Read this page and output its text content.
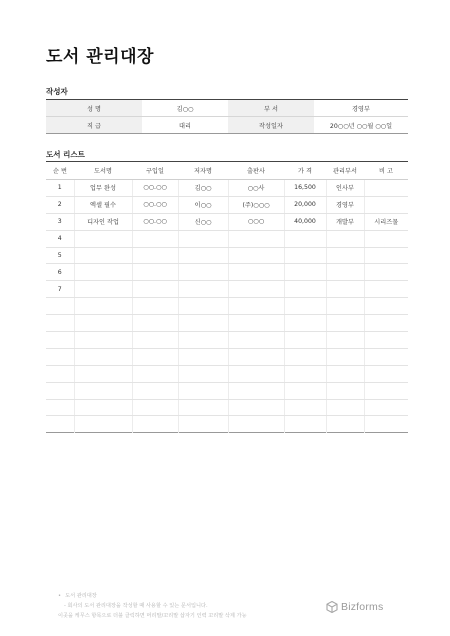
도서 관리대장
작성자
성 명	김○○	부 서	경영부
직 급	대리	작성일자	20○○년 ○○월 ○○일
도서 리스트
순 번	도서명	구입일	저자명	출판사	가 격	관리부서	비 고
1	업무 완성	○○.○○	김○○	○○사	16,500	인사부	
2	엑셀 필수	○○.○○	이○○	(주)○○○	20,000	경영부	
3	디자인 작업	○○.○○	신○○	○○○	40,000	개발부	시리즈물
4							
5							
6							
7							

• 도서 관리대장
- 회사의 도서 관리대장을 작성할 때 사용할 수 있는 문서입니다.
이곳을 케무스 항목으로 더블 클릭하면 머리말/꼬리말 삽자기 인력 꼬리말 삭제 가능
Bizforms
